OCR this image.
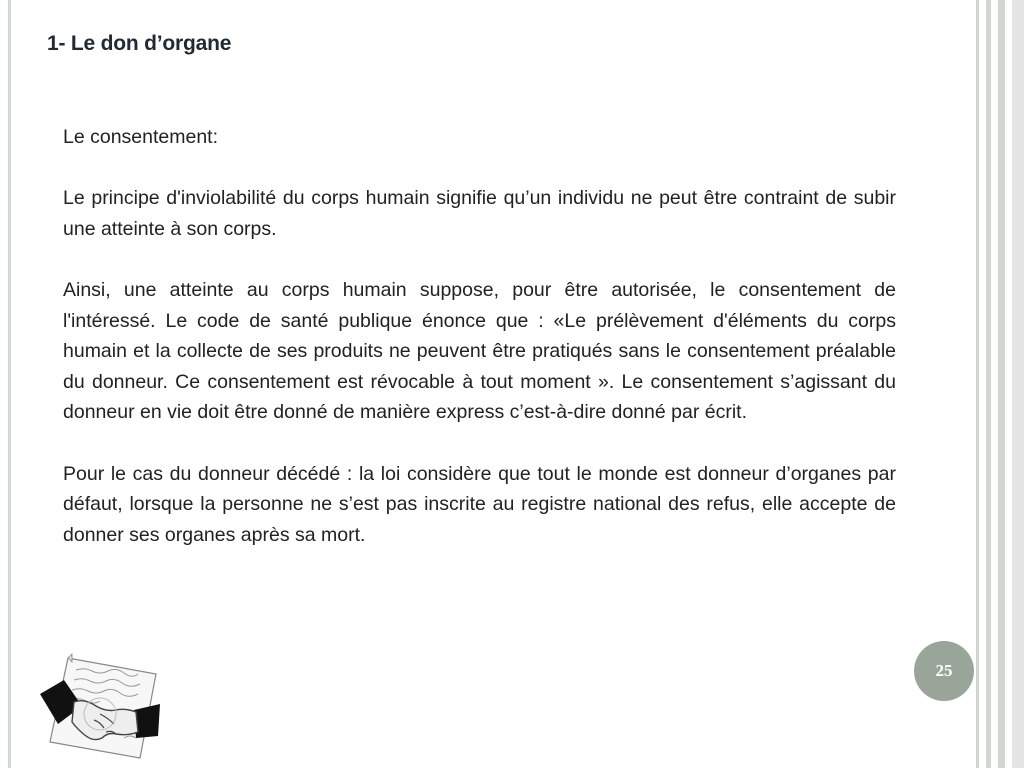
1- Le don d’organe

Le consentement:

Le principe d'inviolabilité du corps humain signifie qu’un individu ne peut être contraint de subir une atteinte à son corps.

Ainsi, une atteinte au corps humain suppose, pour être autorisée, le consentement de l'intéressé. Le code de santé publique énonce que : «Le prélèvement d'éléments du corps humain et la collecte de ses produits ne peuvent être pratiqués sans le consentement préalable du donneur. Ce consentement est révocable à tout moment ». Le consentement s’agissant du donneur en vie doit être donné de manière express c’est-à-dire donné par écrit.

Pour le cas du donneur décédé : la loi considère que tout le monde est donneur d’organes par défaut, lorsque la personne ne s’est pas inscrite au registre national des refus, elle accepte de donner ses organes après sa mort.

25
